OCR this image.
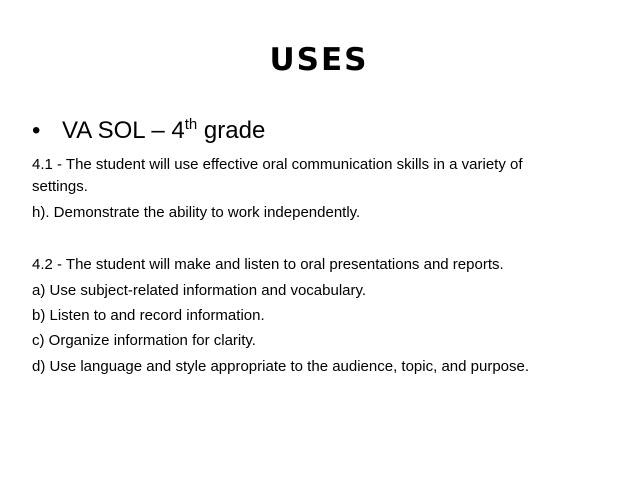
USES
• VA SOL – 4th grade
4.1 - The student will use effective oral communication skills in a variety of
settings.
h). Demonstrate the ability to work independently.
4.2 - The student will make and listen to oral presentations and reports.
a) Use subject-related information and vocabulary.
b) Listen to and record information.
c) Organize information for clarity.
d) Use language and style appropriate to the audience, topic, and purpose.
